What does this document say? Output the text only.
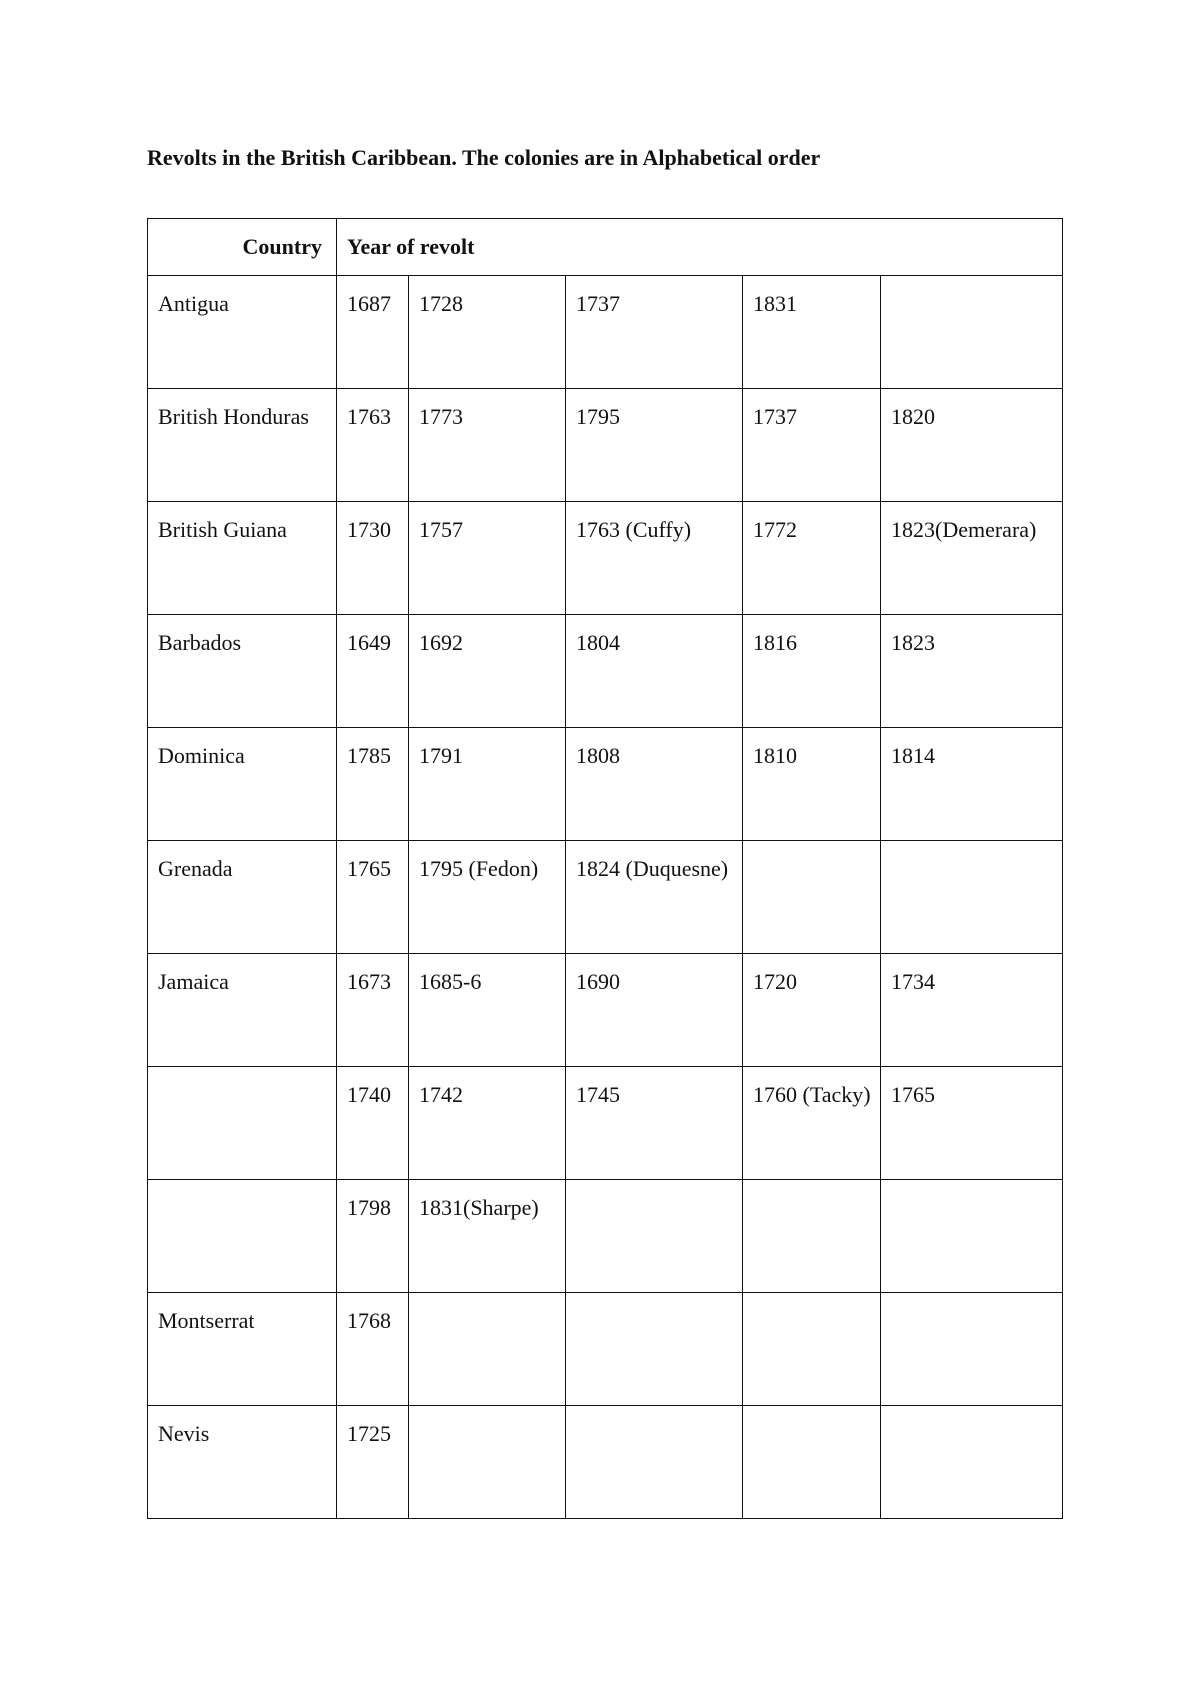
Revolts in the British Caribbean. The colonies are in Alphabetical order
Country	Year of revolt				

Antigua	1687	1728	1737	1831	

British Honduras	1763	1773	1795	1737	1820

British Guiana	1730	1757	1763 (Cuffy)	1772	1823(Demerara)

Barbados	1649	1692	1804	1816	1823

Dominica	1785	1791	1808	1810	1814

Grenada	1765	1795 (Fedon)	1824 (Duquesne)		

Jamaica	1673	1685-6	1690	1720	1734

	1740	1742	1745	1760 (Tacky)	1765

	1798	1831(Sharpe)			

Montserrat	1768				

Nevis	1725				
